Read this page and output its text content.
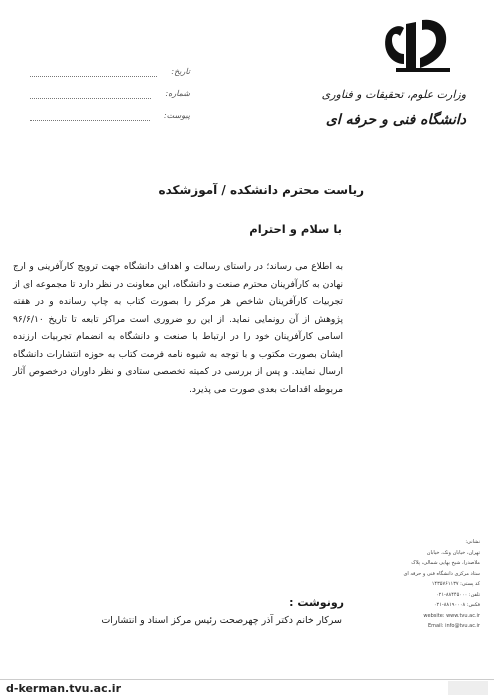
تاریخ:
شماره:
پیوست:
وزارت علوم، تحقیقات و فناوری
دانشگاه فنی و حرفه ای
ریاست محترم دانشکده / آموزشکده
با سلام و احترام
به اطلاع می رساند؛ در راستای رسالت و اهداف دانشگاه جهت ترویج کارآفرینی و ارج نهادن به کارآفرینان محترم صنعت و دانشگاه، این معاونت در نظر دارد تا مجموعه ای از تجربیات کارآفرینان شاخص هر مرکز را بصورت کتاب به چاپ رسانده و در هفته پژوهش از آن رونمایی نماید. از این رو ضروری است مراکز تابعه تا تاریخ ۹۶/۶/۱۰ اسامی کارآفرینان خود را در ارتباط با صنعت و دانشگاه به انضمام تجربیات ارزنده ایشان بصورت مکتوب و با توجه به شیوه نامه فرمت کتاب به حوزه انتشارات دانشگاه ارسال نمایند. و پس از بررسی در کمیته تخصصی ستادی و نظر داوران درخصوص آثار مربوطه اقدامات بعدی صورت می پذیرد.
رونوشت :
سرکار خانم دکتر آذر چهرصحت رئیس مرکز اسناد و انتشارات
نشانی:
تهران، خیابان ونک، خیابان
ملاصدرا، شیخ بهایی شمالی، پلاک
ستاد مرکزی دانشگاه فنی و حرفه ای
کد پستی: ۱۴۳۵۷۶۱۱۳۷
تلفن: ۸۸۴۴۵۰۰۰-۰۲۱
فکس: ۸۸۱۹۰۰۰۸-۰۲۱
website: www.tvu.ac.ir
Email: info@tvu.ac.ir
d-kerman.tvu.ac.ir
